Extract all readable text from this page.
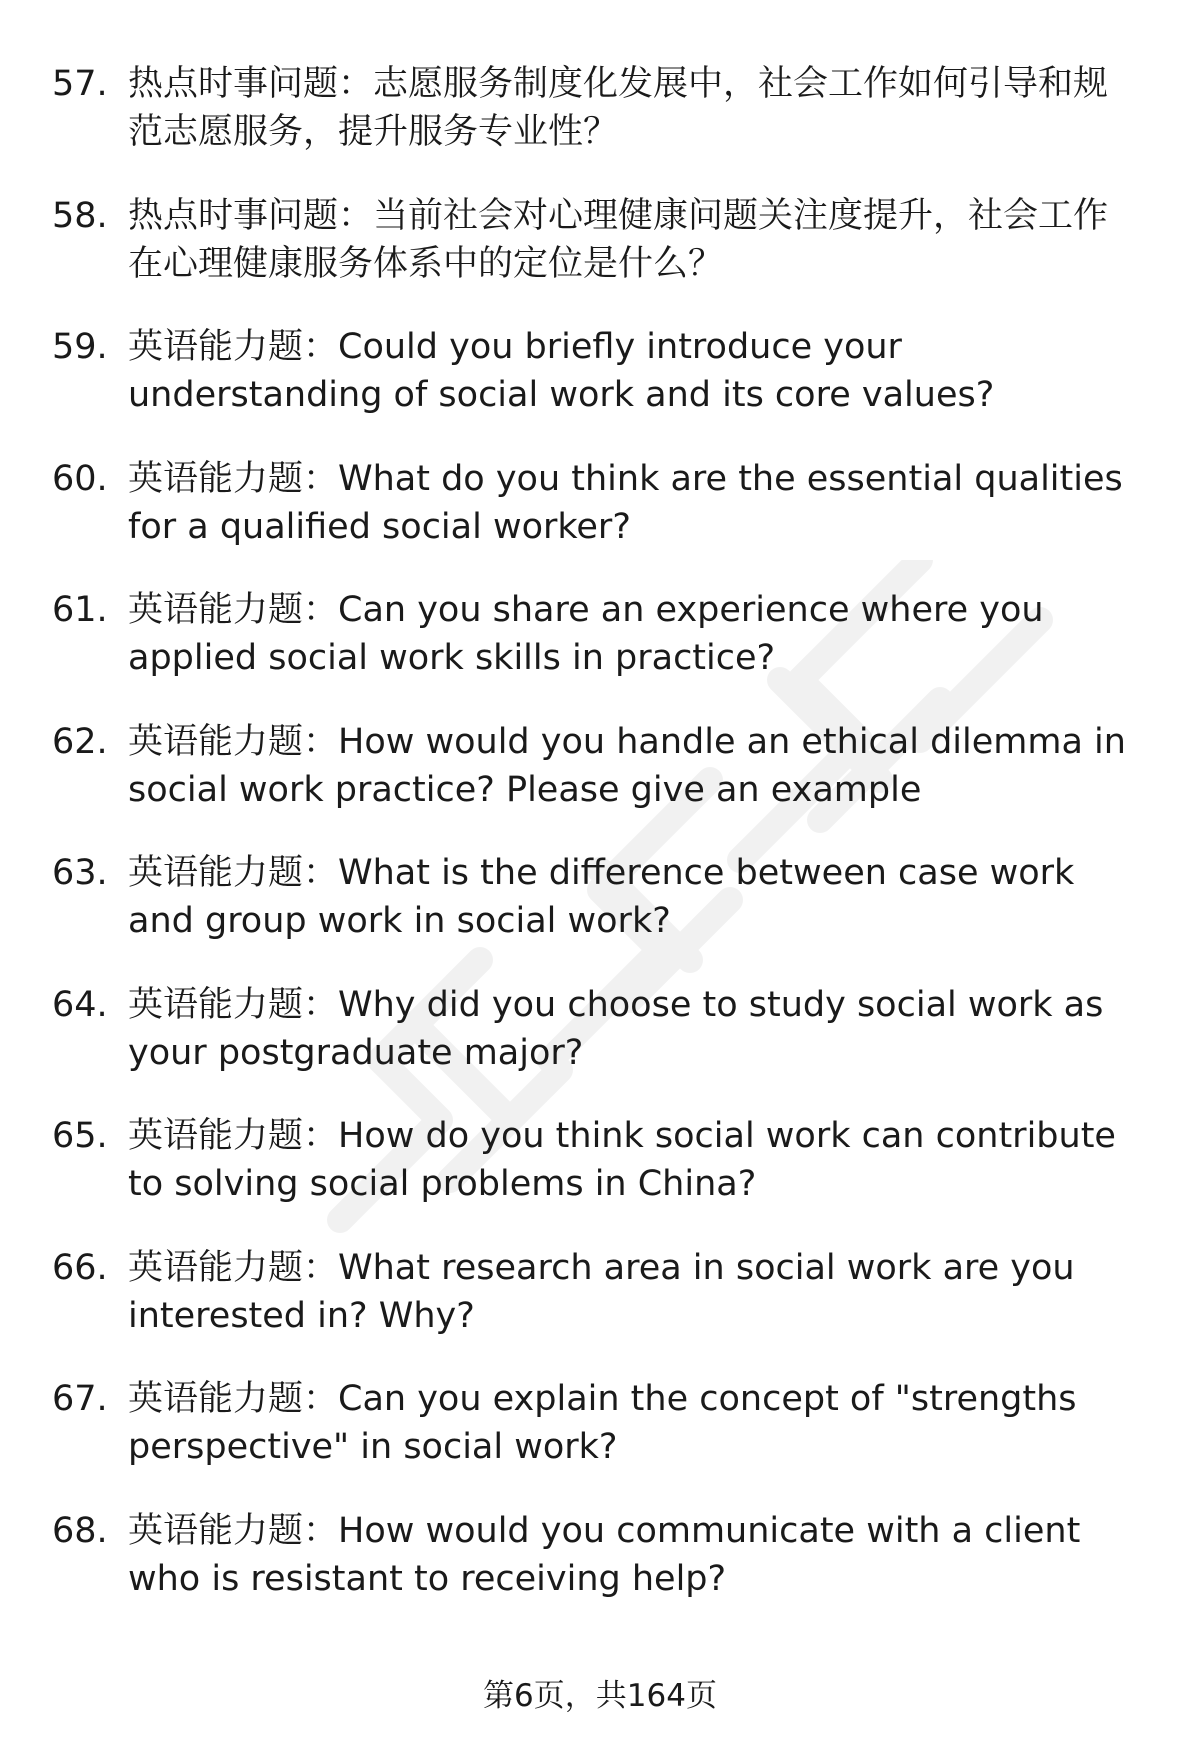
57. 热点时事问题：志愿服务制度化发展中，社会工作如何引导和规范志愿服务，提升服务专业性？
58. 热点时事问题：当前社会对心理健康问题关注度提升，社会工作在心理健康服务体系中的定位是什么？
59. 英语能力题：Could you briefly introduce your understanding of social work and its core values?
60. 英语能力题：What do you think are the essential qualities for a qualified social worker?
61. 英语能力题：Can you share an experience where you applied social work skills in practice?
62. 英语能力题：How would you handle an ethical dilemma in social work practice? Please give an example
63. 英语能力题：What is the difference between case work and group work in social work?
64. 英语能力题：Why did you choose to study social work as your postgraduate major?
65. 英语能力题：How do you think social work can contribute to solving social problems in China?
66. 英语能力题：What research area in social work are you interested in? Why?
67. 英语能力题：Can you explain the concept of "strengths perspective" in social work?
68. 英语能力题：How would you communicate with a client who is resistant to receiving help?
第6页，共164页
